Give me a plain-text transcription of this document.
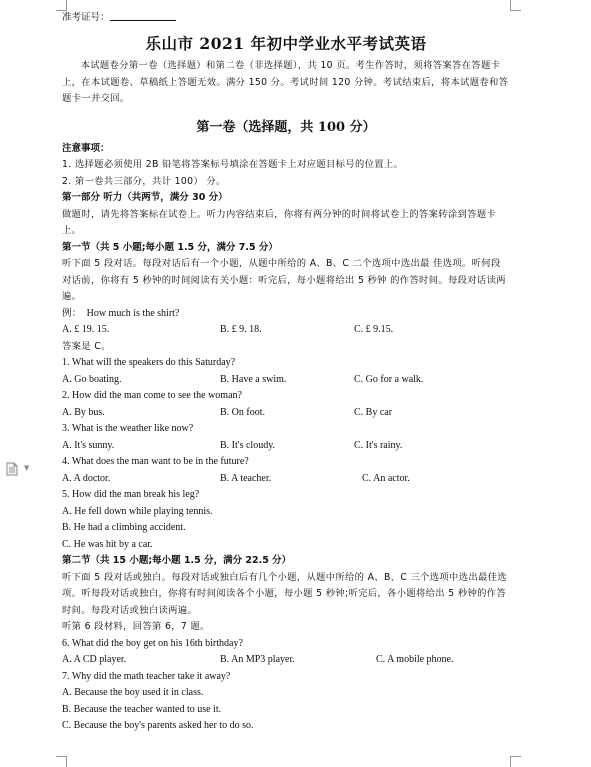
▼
准考证号：
乐山市 2021 年初中学业水平考试英语
本试题卷分第一卷（选择题）和第二卷（非选择题），共 10 页。考生作答时，须将答案答在答题卡上，在本试题卷、草稿纸上答题无效。满分 150 分。考试时间 120 分钟。考试结束后，将本试题卷和答题卡一并交回。
第一卷（选择题，共 100 分）
注意事项：
1. 选择题必须使用 2B 铅笔将答案标号填涂在答题卡上对应题目标号的位置上。
2. 第一卷共三部分，共计 100） 分。
第一部分 听力（共两节，满分 30 分）
做题时，请先将答案标在试卷上。听力内容结束后，你将有两分钟的时间将试卷上的答案转涂到答题卡上。
第一节（共 5 小题;每小题 1.5 分，满分 7.5 分）
听下面 5 段对话。每段对话后有一个小题，从题中所给的 A、B、C 二个选项中选出最 佳选项。听何段对话前，你将有 5 秒钟的时间阅读有关小题：听完后，每小题将给出 5 秒钟 的作答时间。每段对话读两遍。
例： How much is the shirt?
A. £ 19. 15.	B. £ 9. 18.	C. £ 9.15.
答案是 C。
1. What will the speakers do this Saturday?
A. Go boating.	B. Have a swim.	C. Go for a walk.
2. How did the man come to see the woman?
A. By bus.	B. On foot.	C. By car
3. What is the weather like now?
A. It's sunny.	B. It's cloudy.	C. It's rainy.
4. What does the man want to be in the future?
A. A doctor.	B. A teacher.	C. An actor.
5. How did the man break his leg?
A. He fell down while playing tennis.
B. He had a climbing accident.
C. He was hit by a car.
第二节（共 15 小题;每小题 1.5 分，满分 22.5 分）
听下面 5 段对话或独白。每段对话或独白后有几个小题，从题中所给的 A、B、C 三个选项中选出最佳选项。听每段对话或独白，你将有时间阅读各个小题，每小题 5 秒钟;听完后，各小题将给出 5 秒钟的作答时间。每段对话或独白读两遍。
听第 6 段材料，回答第 6，7 题。
6. What did the boy get on his 16th birthday?
A. A CD player.	B. An MP3 player.	C. A mobile phone.
7. Why did the math teacher take it away?
A. Because the boy used it in class.
B. Because the teacher wanted to use it.
C. Because the boy's parents asked her to do so.
